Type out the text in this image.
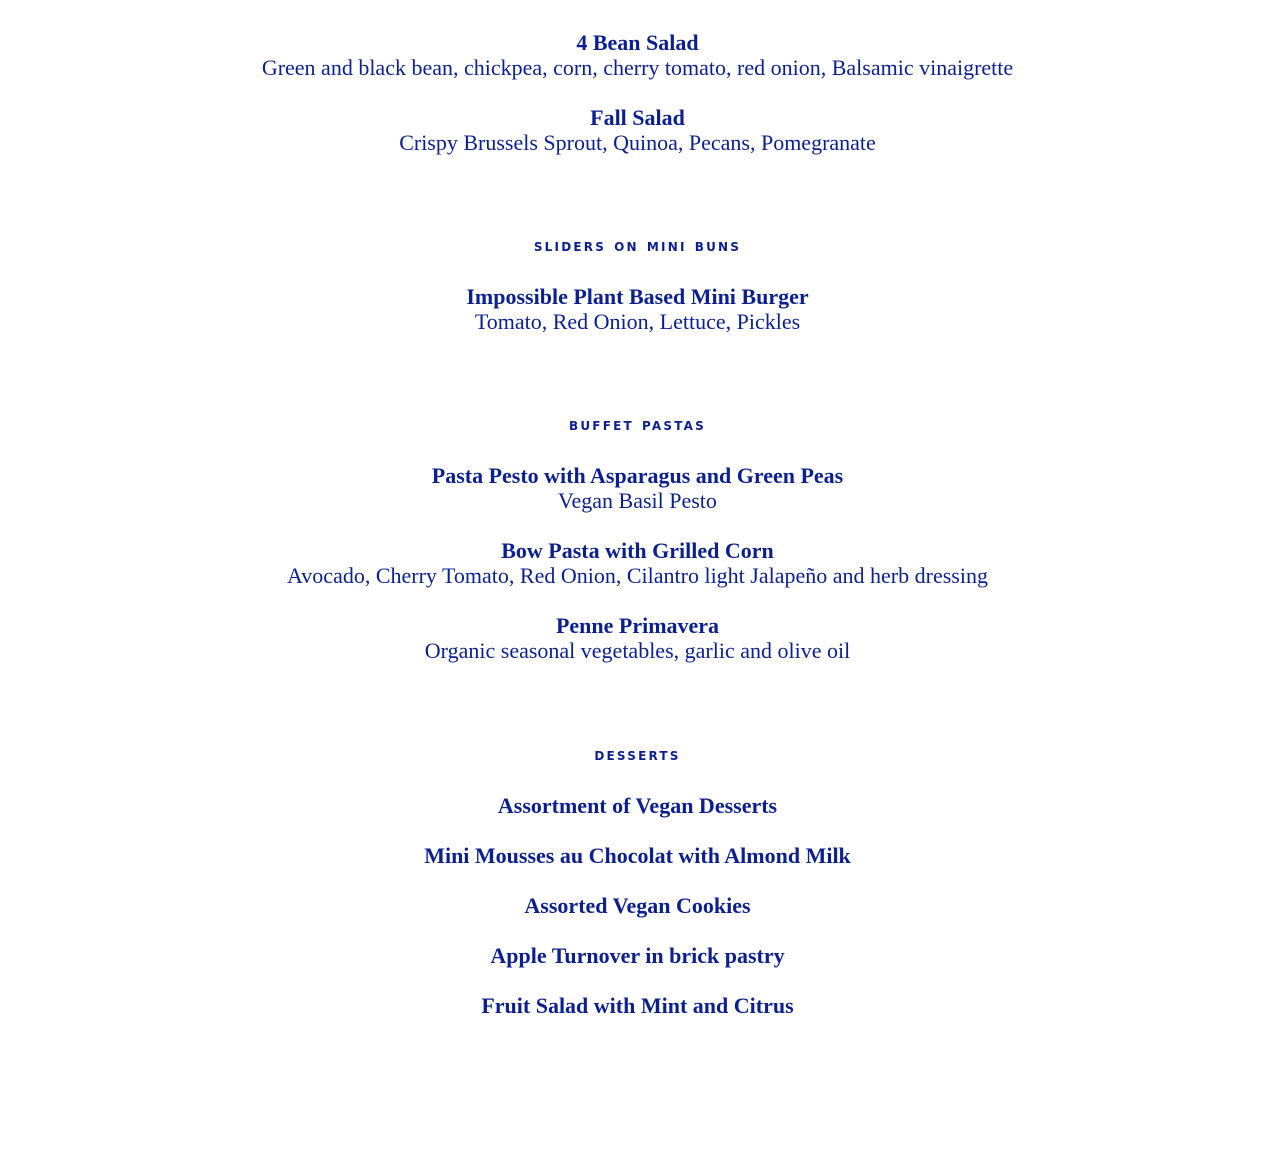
4 Bean Salad
Green and black bean, chickpea, corn, cherry tomato, red onion, Balsamic vinaigrette
Fall Salad
Crispy Brussels Sprout, Quinoa, Pecans, Pomegranate
sliders on mini buns
Impossible Plant Based Mini Burger
Tomato, Red Onion, Lettuce, Pickles
buffet pastas
Pasta Pesto with Asparagus and Green Peas
Vegan Basil Pesto
Bow Pasta with Grilled Corn
Avocado, Cherry Tomato, Red Onion, Cilantro light Jalapeño and herb dressing
Penne Primavera
Organic seasonal vegetables, garlic and olive oil
desserts
Assortment of Vegan Desserts
Mini Mousses au Chocolat with Almond Milk
Assorted Vegan Cookies
Apple Turnover in brick pastry
Fruit Salad with Mint and Citrus
